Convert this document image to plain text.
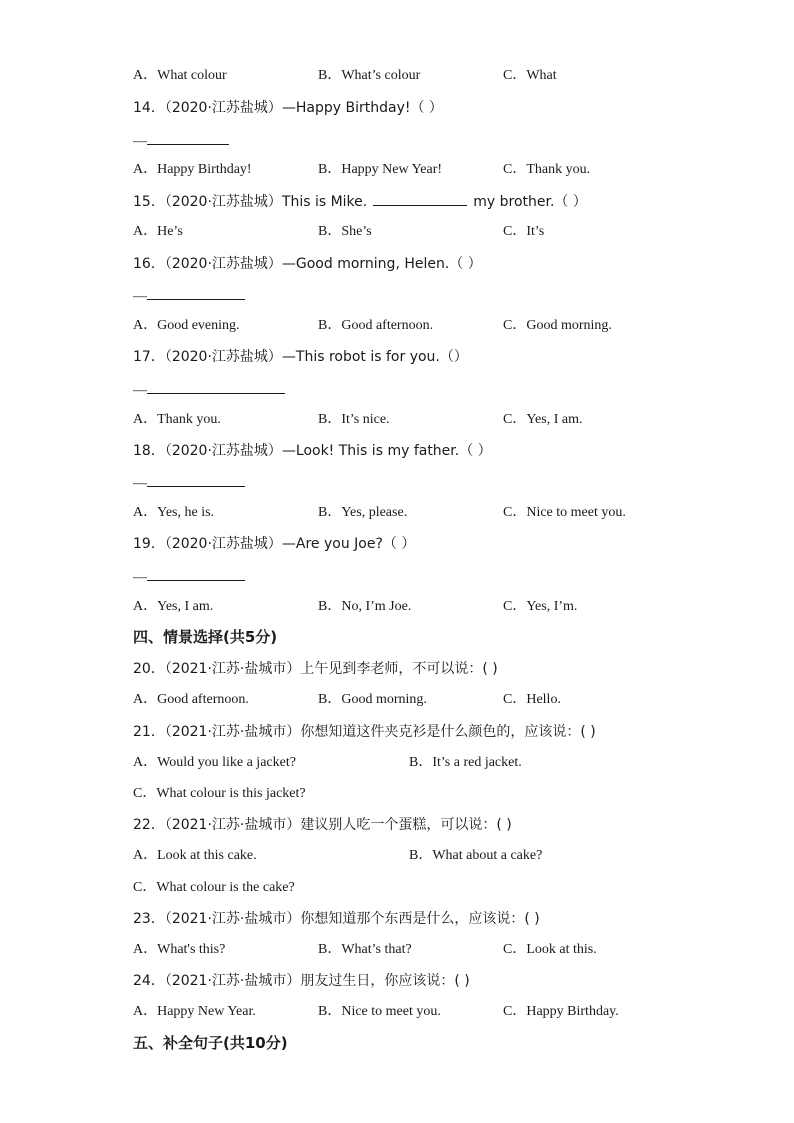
A．What colour	B．What’s colour	C．What
14．（2020·江苏盐城）—Happy Birthday!（ ）
—
A．Happy Birthday!	B．Happy New Year!	C．Thank you.
15．（2020·江苏盐城）This is Mike.	my brother.（ ）
A．He’s	B．She’s	C．It’s
16．（2020·江苏盐城）—Good morning, Helen.（ ）
—
A．Good evening.	B．Good afternoon.	C．Good morning.
17．（2020·江苏盐城）—This robot is for you.（）
—
A．Thank you.	B．It’s nice.	C．Yes, I am.
18．（2020·江苏盐城）—Look! This is my father.（ ）
—
A．Yes, he is.	B．Yes, please.	C．Nice to meet you.
19．（2020·江苏盐城）—Are you Joe?（ ）
—
A．Yes, I am.	B．No, I’m Joe.	C．Yes, I’m.
四、情景选择(共5分)
20．（2021·江苏·盐城市）上午见到李老师，不可以说：( )
A．Good afternoon.	B．Good morning.	C．Hello.
21．（2021·江苏·盐城市）你想知道这件夹克衫是什么颜色的，应该说：( )
A．Would you like a jacket?	B．It’s a red jacket.
C．What colour is this jacket?
22．（2021·江苏·盐城市）建议别人吃一个蛋糕，可以说：( )
A．Look at this cake.	B．What about a cake?
C．What colour is the cake?
23．（2021·江苏·盐城市）你想知道那个东西是什么，应该说：( )
A．What's this?	B．What’s that?	C．Look at this.
24．（2021·江苏·盐城市）朋友过生日，你应该说：( )
A．Happy New Year.	B．Nice to meet you.	C．Happy Birthday.
五、补全句子(共10分)
